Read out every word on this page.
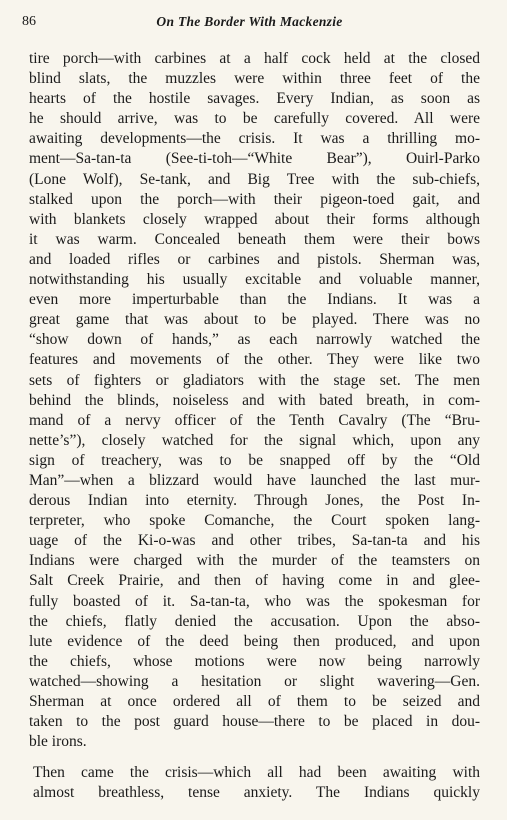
86	On The Border With Mackenzie
tire porch—with carbines at a half cock held at the closed
blind slats, the muzzles were within three feet of the
hearts of the hostile savages. Every Indian, as soon as
he should arrive, was to be carefully covered. All were
awaiting developments—the crisis. It was a thrilling mo-
ment—Sa-tan-ta (See-ti-toh—“White Bear”), Ouirl-Parko
(Lone Wolf), Se-tank, and Big Tree with the sub-chiefs,
stalked upon the porch—with their pigeon-toed gait, and
with blankets closely wrapped about their forms although
it was warm. Concealed beneath them were their bows
and loaded rifles or carbines and pistols. Sherman was,
notwithstanding his usually excitable and voluable manner,
even more imperturbable than the Indians. It was a
great game that was about to be played. There was no
“show down of hands,” as each narrowly watched the
features and movements of the other. They were like two
sets of fighters or gladiators with the stage set. The men
behind the blinds, noiseless and with bated breath, in com-
mand of a nervy officer of the Tenth Cavalry (The “Bru-
nette’s”), closely watched for the signal which, upon any
sign of treachery, was to be snapped off by the “Old
Man”—when a blizzard would have launched the last mur-
derous Indian into eternity. Through Jones, the Post In-
terpreter, who spoke Comanche, the Court spoken lang-
uage of the Ki-o-was and other tribes, Sa-tan-ta and his
Indians were charged with the murder of the teamsters on
Salt Creek Prairie, and then of having come in and glee-
fully boasted of it. Sa-tan-ta, who was the spokesman for
the chiefs, flatly denied the accusation. Upon the abso-
lute evidence of the deed being then produced, and upon
the chiefs, whose motions were now being narrowly
watched—showing a hesitation or slight wavering—Gen.
Sherman at once ordered all of them to be seized and
taken to the post guard house—there to be placed in dou-
ble irons.
Then came the crisis—which all had been awaiting with
almost breathless, tense anxiety. The Indians quickly
